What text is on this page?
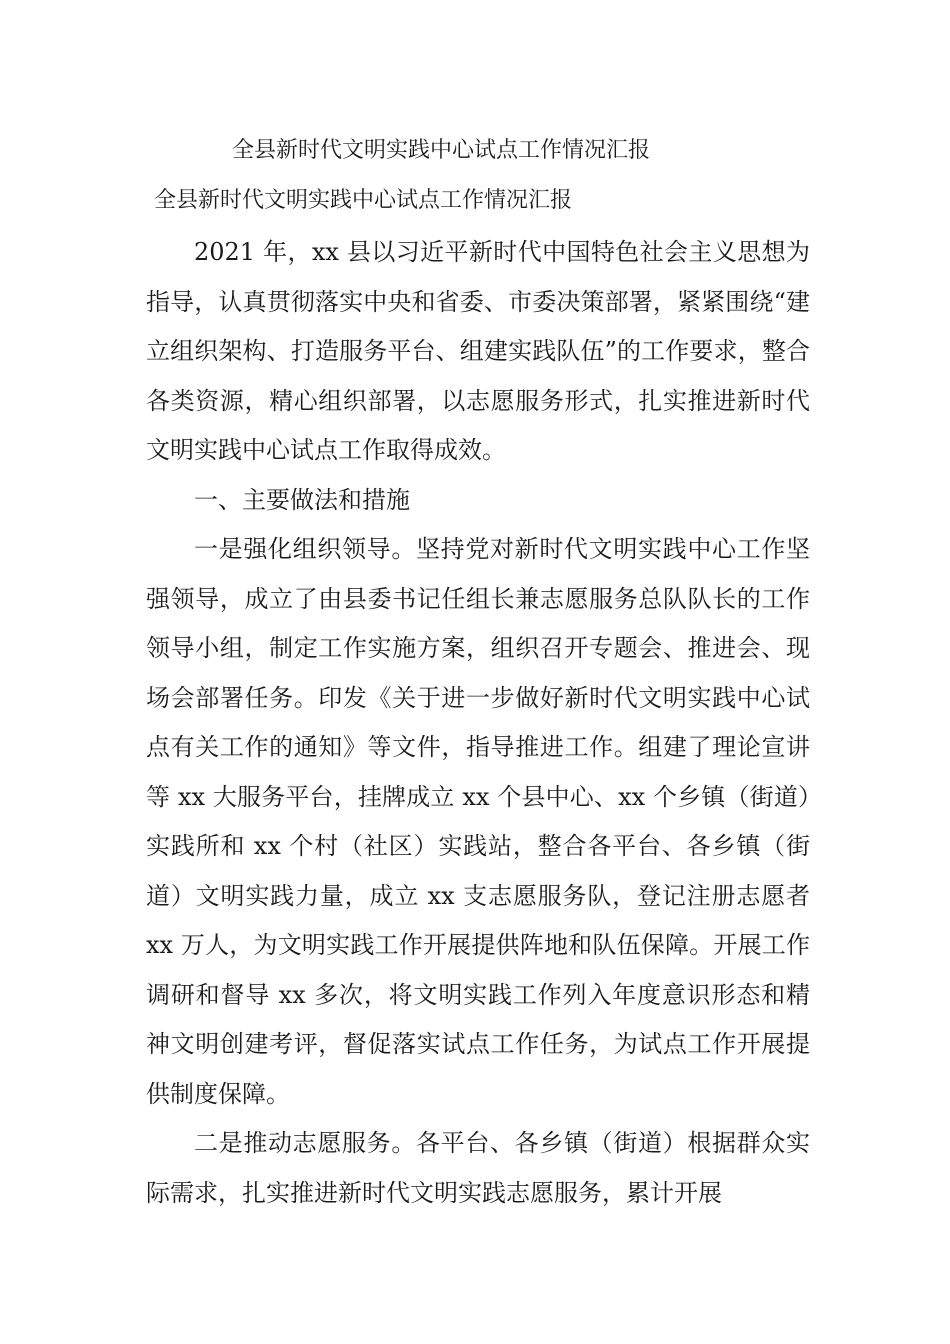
全县新时代文明实践中心试点工作情况汇报
全县新时代文明实践中心试点工作情况汇报

2021 年，xx 县以习近平新时代中国特色社会主义思想为指导，认真贯彻落实中央和省委、市委决策部署，紧紧围绕“建立组织架构、打造服务平台、组建实践队伍”的工作要求，整合各类资源，精心组织部署，以志愿服务形式，扎实推进新时代文明实践中心试点工作取得成效。

一、主要做法和措施

一是强化组织领导。坚持党对新时代文明实践中心工作坚强领导，成立了由县委书记任组长兼志愿服务总队队长的工作领导小组，制定工作实施方案，组织召开专题会、推进会、现场会部署任务。印发《关于进一步做好新时代文明实践中心试点有关工作的通知》等文件，指导推进工作。组建了理论宣讲等 xx 大服务平台，挂牌成立 xx 个县中心、xx 个乡镇（街道）实践所和 xx 个村（社区）实践站，整合各平台、各乡镇（街道）文明实践力量，成立 xx 支志愿服务队，登记注册志愿者 xx 万人，为文明实践工作开展提供阵地和队伍保障。开展工作调研和督导 xx 多次，将文明实践工作列入年度意识形态和精神文明创建考评，督促落实试点工作任务，为试点工作开展提供制度保障。

二是推动志愿服务。各平台、各乡镇（街道）根据群众实际需求，扎实推进新时代文明实践志愿服务，累计开展
